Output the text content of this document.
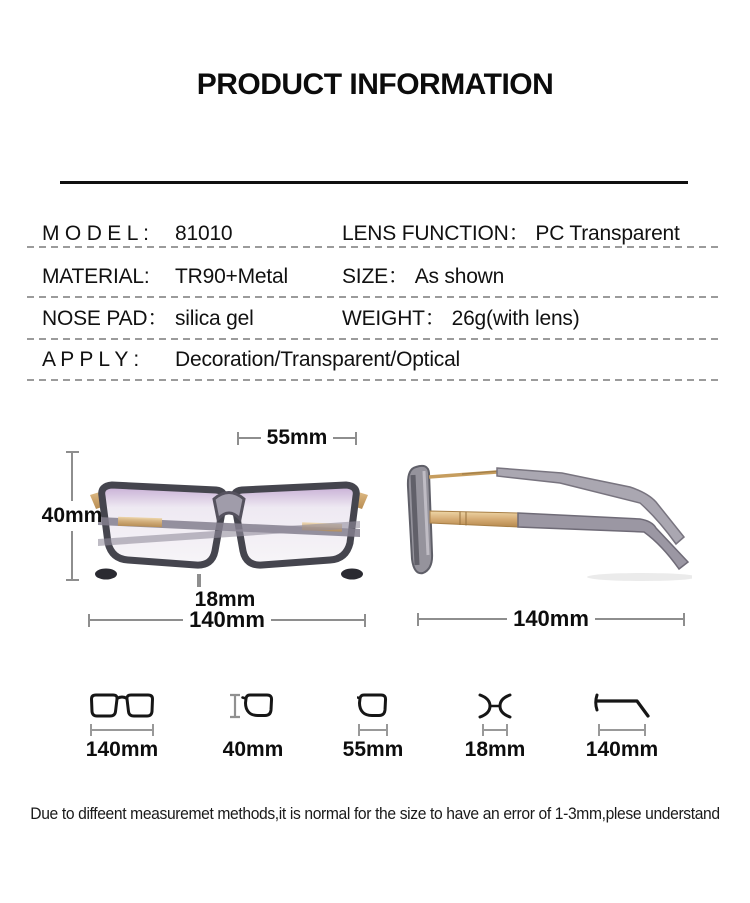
PRODUCT INFORMATION
M O D E L :	81010	LENS FUNCTION： PC Transparent
MATERIAL:	TR90+Metal	SIZE： As shown
NOSE PAD： silica gel	WEIGHT： 26g(with lens)
A P P L Y :	Decoration/Transparent/Optical
55mm
40mm
18mm
140mm	140mm
140mm	40mm	55mm	18mm	140mm
Due to diffeent measuremet methods,it is normal for the size to have an error of 1-3mm,plese understand
